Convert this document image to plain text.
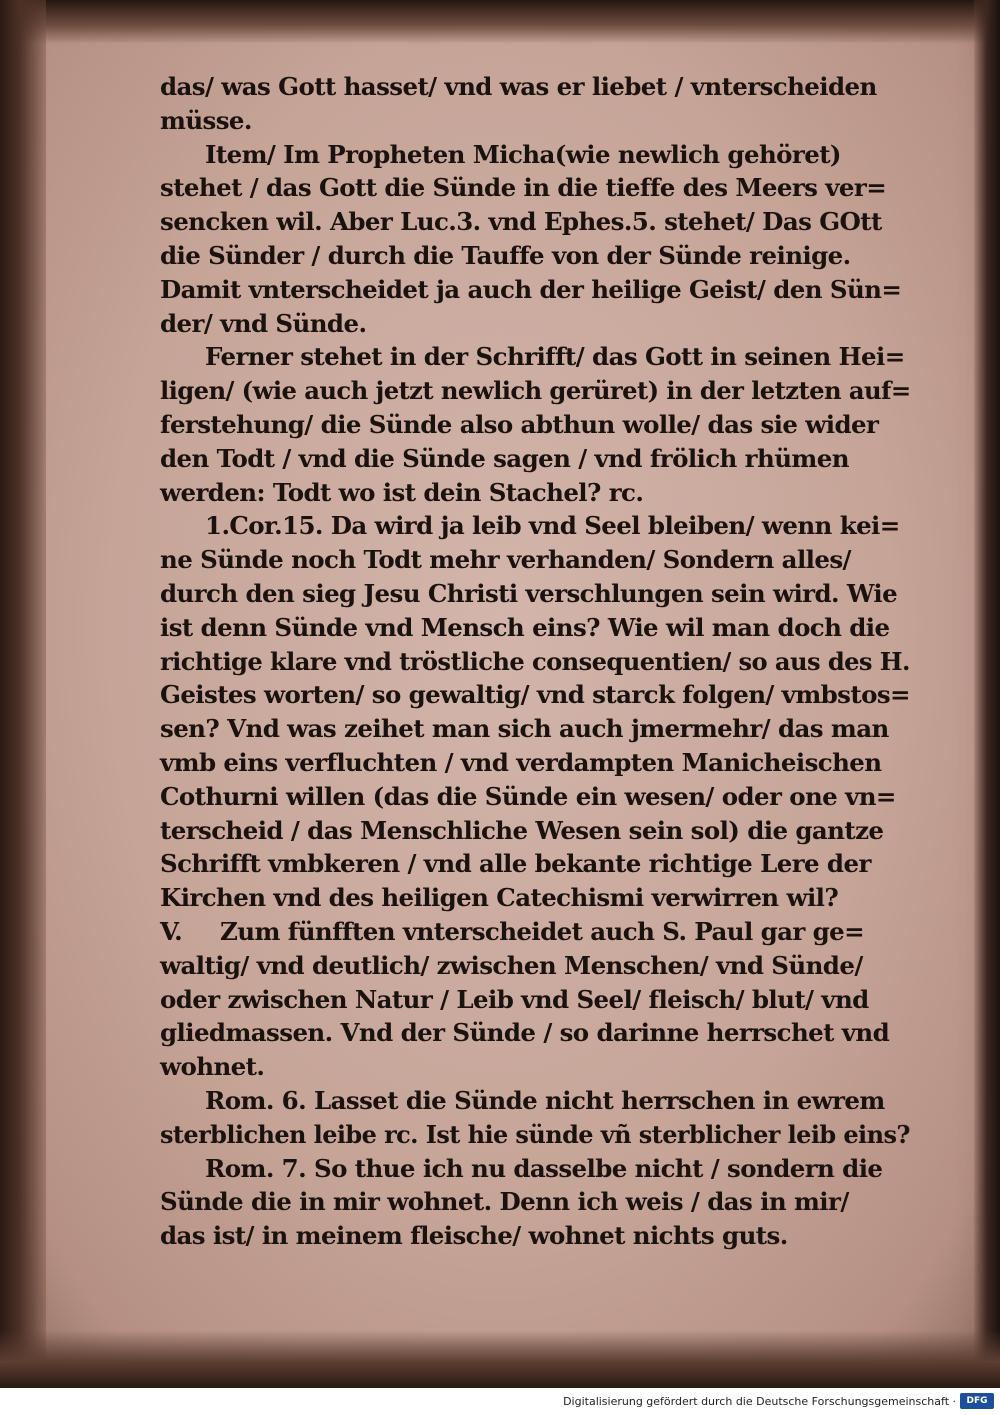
das/ was Gott hasset/ vnd was er liebet / vnterscheiden
müsse.
Item/ Im Propheten Micha(wie newlich gehöret)
stehet / das Gott die Sünde in die tieffe des Meers ver=
sencken wil. Aber Luc.3. vnd Ephes.5. stehet/ Das GOtt
die Sünder / durch die Tauffe von der Sünde reinige.
Damit vnterscheidet ja auch der heilige Geist/ den Sün=
der/ vnd Sünde.
Ferner stehet in der Schrifft/ das Gott in seinen Hei=
ligen/ (wie auch jetzt newlich gerüret) in der letzten auf=
ferstehung/ die Sünde also abthun wolle/ das sie wider
den Todt / vnd die Sünde sagen / vnd frölich rhümen
werden: Todt wo ist dein Stachel? rc.
1.Cor.15. Da wird ja leib vnd Seel bleiben/ wenn kei=
ne Sünde noch Todt mehr verhanden/ Sondern alles/
durch den sieg Jesu Christi verschlungen sein wird. Wie
ist denn Sünde vnd Mensch eins? Wie wil man doch die
richtige klare vnd tröstliche consequentien/ so aus des H.
Geistes worten/ so gewaltig/ vnd starck folgen/ vmbstos=
sen? Vnd was zeihet man sich auch jmermehr/ das man
vmb eins verfluchten / vnd verdampten Manicheischen
Cothurni willen (das die Sünde ein wesen/ oder one vn=
terscheid / das Menschliche Wesen sein sol) die gantze
Schrifft vmbkeren / vnd alle bekante richtige Lere der
Kirchen vnd des heiligen Catechismi verwirren wil?
V. Zum fünfften vnterscheidet auch S. Paul gar ge=
waltig/ vnd deutlich/ zwischen Menschen/ vnd Sünde/
oder zwischen Natur / Leib vnd Seel/ fleisch/ blut/ vnd
gliedmassen. Vnd der Sünde / so darinne herrschet vnd
wohnet.
Rom. 6. Lasset die Sünde nicht herrschen in ewrem
sterblichen leibe rc. Ist hie sünde vñ sterblicher leib eins?
Rom. 7. So thue ich nu dasselbe nicht / sondern die
Sünde die in mir wohnet. Denn ich weis / das in mir/
das ist/ in meinem fleische/ wohnet nichts guts.
Digitalisierung gefördert durch die Deutsche Forschungsgemeinschaft ·	DFG
